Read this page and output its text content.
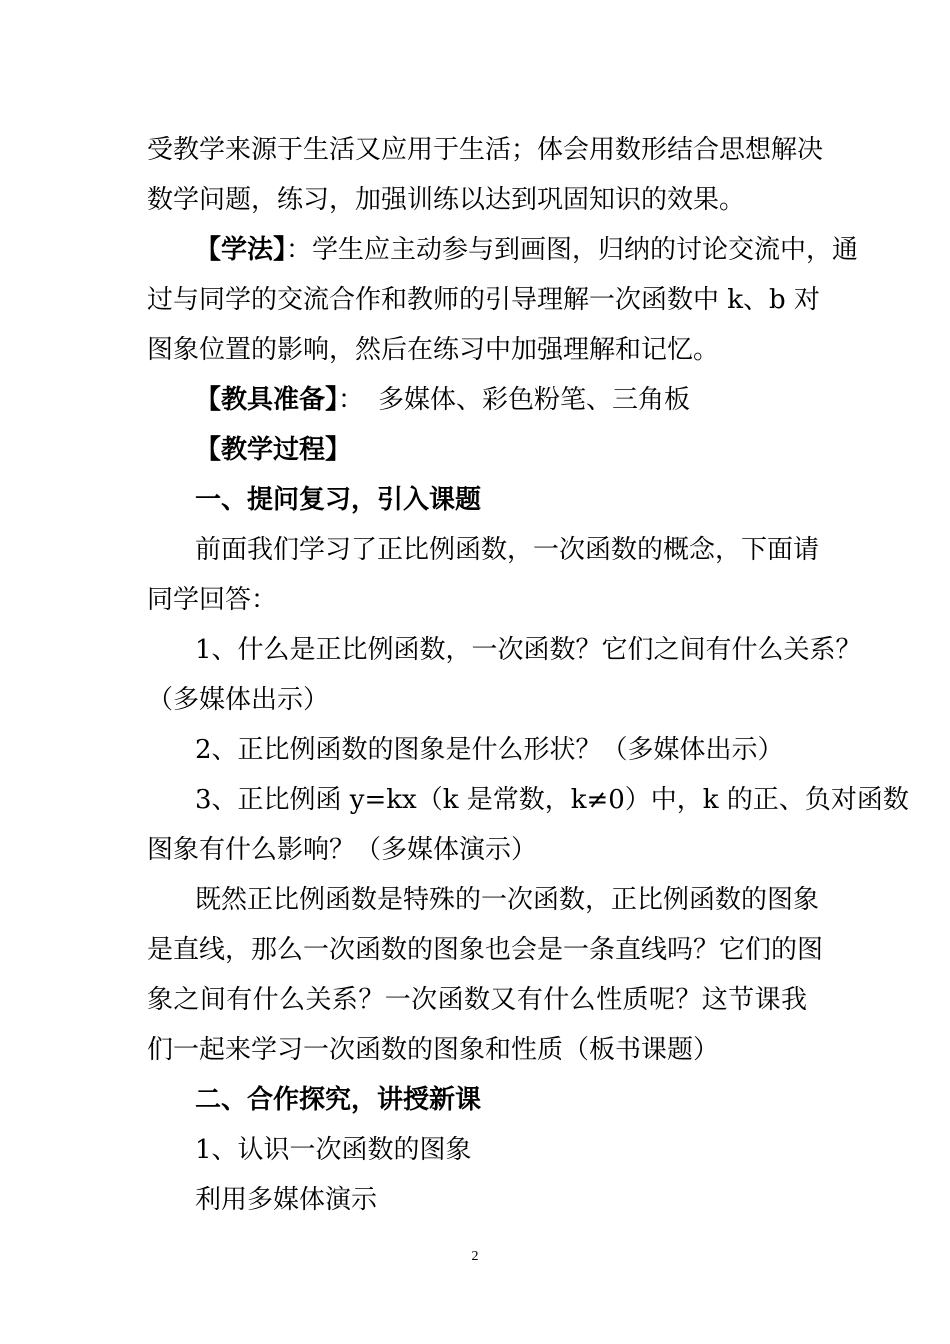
受教学来源于生活又应用于生活；体会用数形结合思想解决
数学问题，练习，加强训练以达到巩固知识的效果。
【学法】：学生应主动参与到画图，归纳的讨论交流中，通
过与同学的交流合作和教师的引导理解一次函数中 k、b 对
图象位置的影响，然后在练习中加强理解和记忆。
【教具准备】： 多媒体、彩色粉笔、三角板
【教学过程】
一、提问复习，引入课题
前面我们学习了正比例函数，一次函数的概念，下面请
同学回答：
1、什么是正比例函数，一次函数？它们之间有什么关系？
（多媒体出示）
2、正比例函数的图象是什么形状？（多媒体出示）
3、正比例函 y=kx（k 是常数，k≠0）中，k 的正、负对函数
图象有什么影响？（多媒体演示）
既然正比例函数是特殊的一次函数，正比例函数的图象
是直线，那么一次函数的图象也会是一条直线吗？它们的图
象之间有什么关系？一次函数又有什么性质呢？这节课我
们一起来学习一次函数的图象和性质（板书课题）
二、合作探究，讲授新课
1、认识一次函数的图象
利用多媒体演示
2
